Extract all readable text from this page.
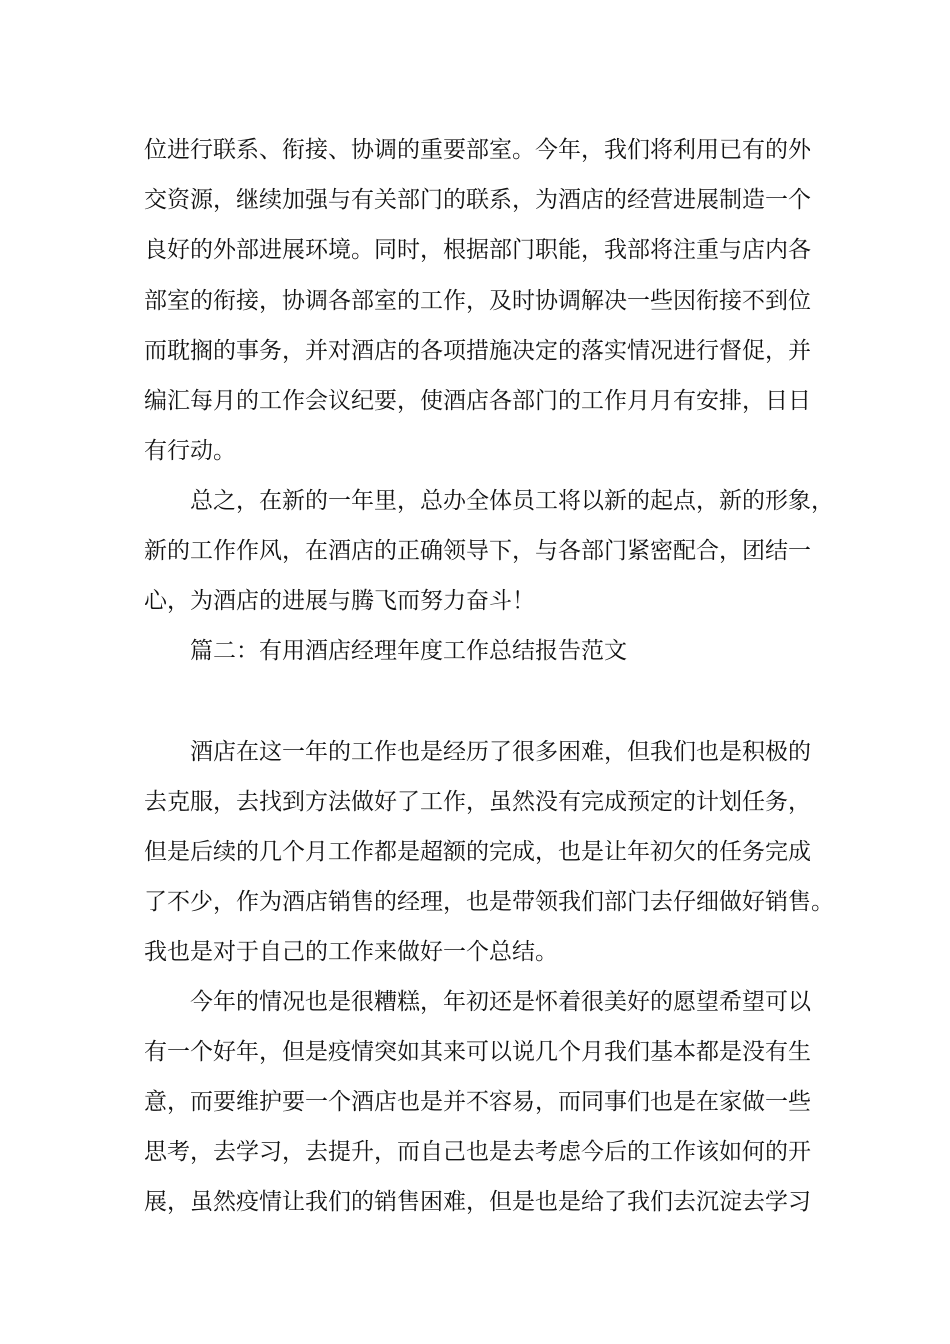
位进行联系、衔接、协调的重要部室。今年，我们将利用已有的外
交资源，继续加强与有关部门的联系，为酒店的经营进展制造一个
良好的外部进展环境。同时，根据部门职能，我部将注重与店内各
部室的衔接，协调各部室的工作，及时协调解决一些因衔接不到位
而耽搁的事务，并对酒店的各项措施决定的落实情况进行督促，并
编汇每月的工作会议纪要，使酒店各部门的工作月月有安排，日日
有行动。
总之，在新的一年里，总办全体员工将以新的起点，新的形象，
新的工作作风，在酒店的正确领导下，与各部门紧密配合，团结一
心，为酒店的进展与腾飞而努力奋斗！
篇二：有用酒店经理年度工作总结报告范文
酒店在这一年的工作也是经历了很多困难，但我们也是积极的
去克服，去找到方法做好了工作，虽然没有完成预定的计划任务，
但是后续的几个月工作都是超额的完成，也是让年初欠的任务完成
了不少，作为酒店销售的经理，也是带领我们部门去仔细做好销售。
我也是对于自己的工作来做好一个总结。
今年的情况也是很糟糕，年初还是怀着很美好的愿望希望可以
有一个好年，但是疫情突如其来可以说几个月我们基本都是没有生
意，而要维护要一个酒店也是并不容易，而同事们也是在家做一些
思考，去学习，去提升，而自己也是去考虑今后的工作该如何的开
展，虽然疫情让我们的销售困难，但是也是给了我们去沉淀去学习
